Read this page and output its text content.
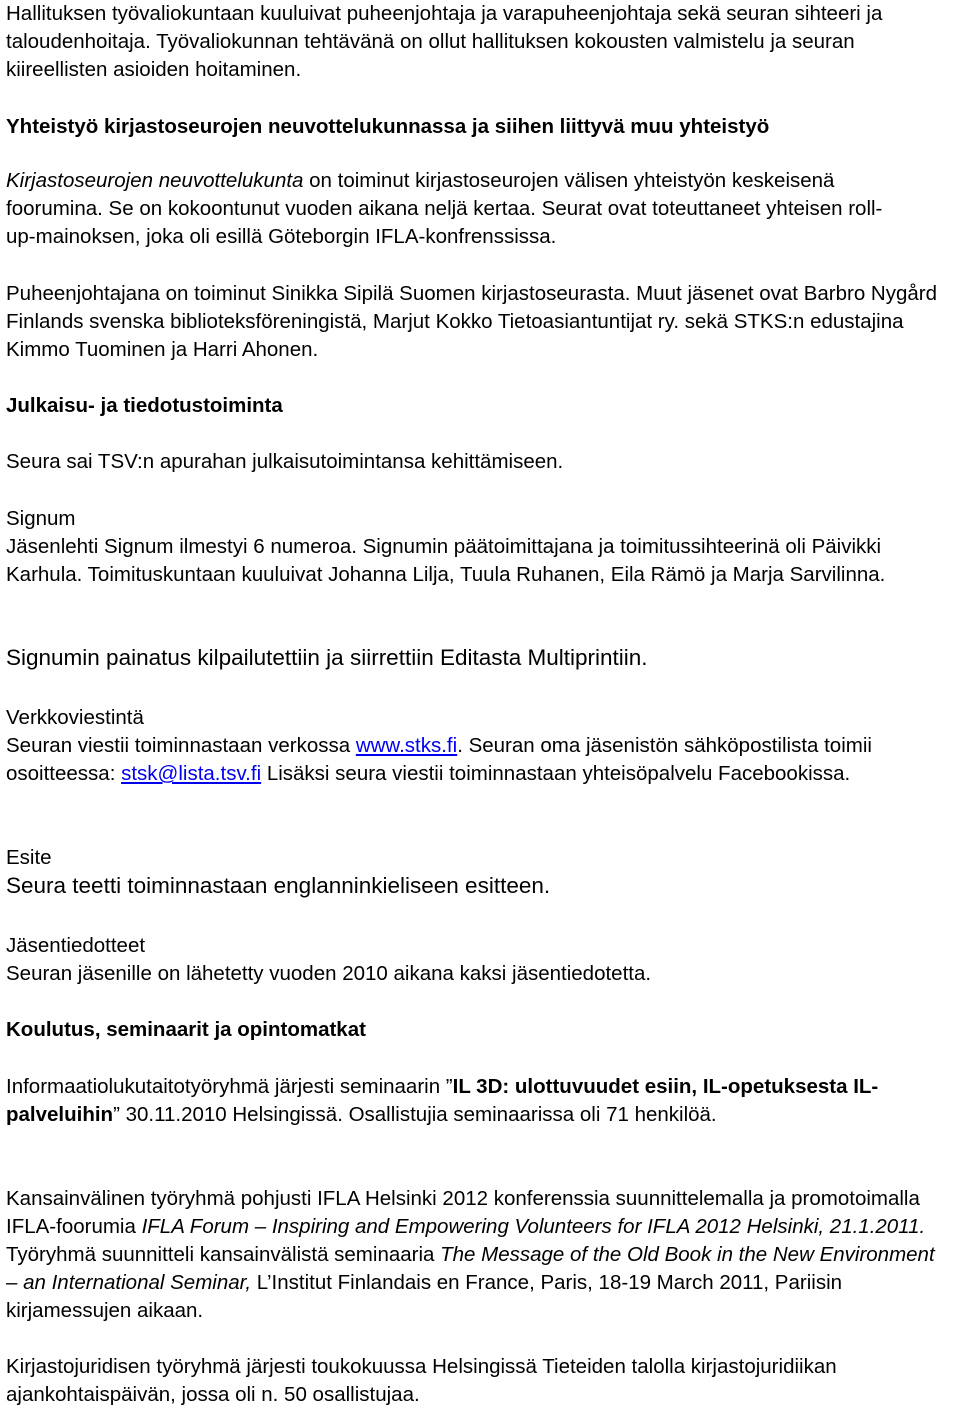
Hallituksen työvaliokuntaan kuuluivat puheenjohtaja ja varapuheenjohtaja sekä seuran sihteeri ja taloudenhoitaja. Työvaliokunnan tehtävänä on ollut hallituksen kokousten valmistelu ja seuran kiireellisten asioiden hoitaminen.

Yhteistyö kirjastoseurojen neuvottelukunnassa ja siihen liittyvä muu yhteistyö

Kirjastoseurojen neuvottelukunta on toiminut kirjastoseurojen välisen yhteistyön keskeisenä foorumina. Se on kokoontunut vuoden aikana neljä kertaa. Seurat ovat toteuttaneet yhteisen roll-up-mainoksen, joka oli esillä Göteborgin IFLA-konfrenssissa.

Puheenjohtajana on toiminut Sinikka Sipilä Suomen kirjastoseurasta. Muut jäsenet ovat Barbro Nygård Finlands svenska biblioteksföreningistä, Marjut Kokko Tietoasiantuntijat ry. sekä STKS:n edustajina Kimmo Tuominen ja Harri Ahonen.

Julkaisu- ja tiedotustoiminta

Seura sai TSV:n apurahan julkaisutoimintansa kehittämiseen.

Signum

Jäsenlehti Signum ilmestyi 6 numeroa. Signumin päätoimittajana ja toimitussihteerinä oli Päivikki Karhula. Toimituskuntaan kuuluivat Johanna Lilja, Tuula Ruhanen, Eila Rämö ja Marja Sarvilinna.

Signumin painatus kilpailutettiin ja siirrettiin Editasta Multiprintiin.

Verkkoviestintä

Seuran viestii toiminnastaan verkossa www.stks.fi. Seuran oma jäsenistön sähköpostilista toimii osoitteessa: stsk@lista.tsv.fi Lisäksi seura viestii toiminnastaan yhteisöpalvelu Facebookissa.

Esite

Seura teetti toiminnastaan englanninkieliseen esitteen.

Jäsentiedotteet

Seuran jäsenille on lähetetty vuoden 2010 aikana kaksi jäsentiedotetta.

Koulutus, seminaarit ja opintomatkat

Informaatiolukutaitotyöryhmä järjesti seminaarin ”IL 3D: ulottuvuudet esiin, IL-opetuksesta IL-palveluihin” 30.11.2010 Helsingissä. Osallistujia seminaarissa oli 71 henkilöä.

Kansainvälinen työryhmä pohjusti IFLA Helsinki 2012 konferenssia suunnittelemalla ja promotoimalla IFLA-foorumia IFLA Forum – Inspiring and Empowering Volunteers for IFLA 2012 Helsinki, 21.1.2011. Työryhmä suunnitteli kansainvälistä seminaaria The Message of the Old Book in the New Environment – an International Seminar, L’Institut Finlandais en France, Paris, 18-19 March 2011, Pariisin kirjamessujen aikaan.

Kirjastojuridisen työryhmä järjesti toukokuussa Helsingissä Tieteiden talolla kirjastojuridiikan ajankohtaispäivän, jossa oli n. 50 osallistujaa.
